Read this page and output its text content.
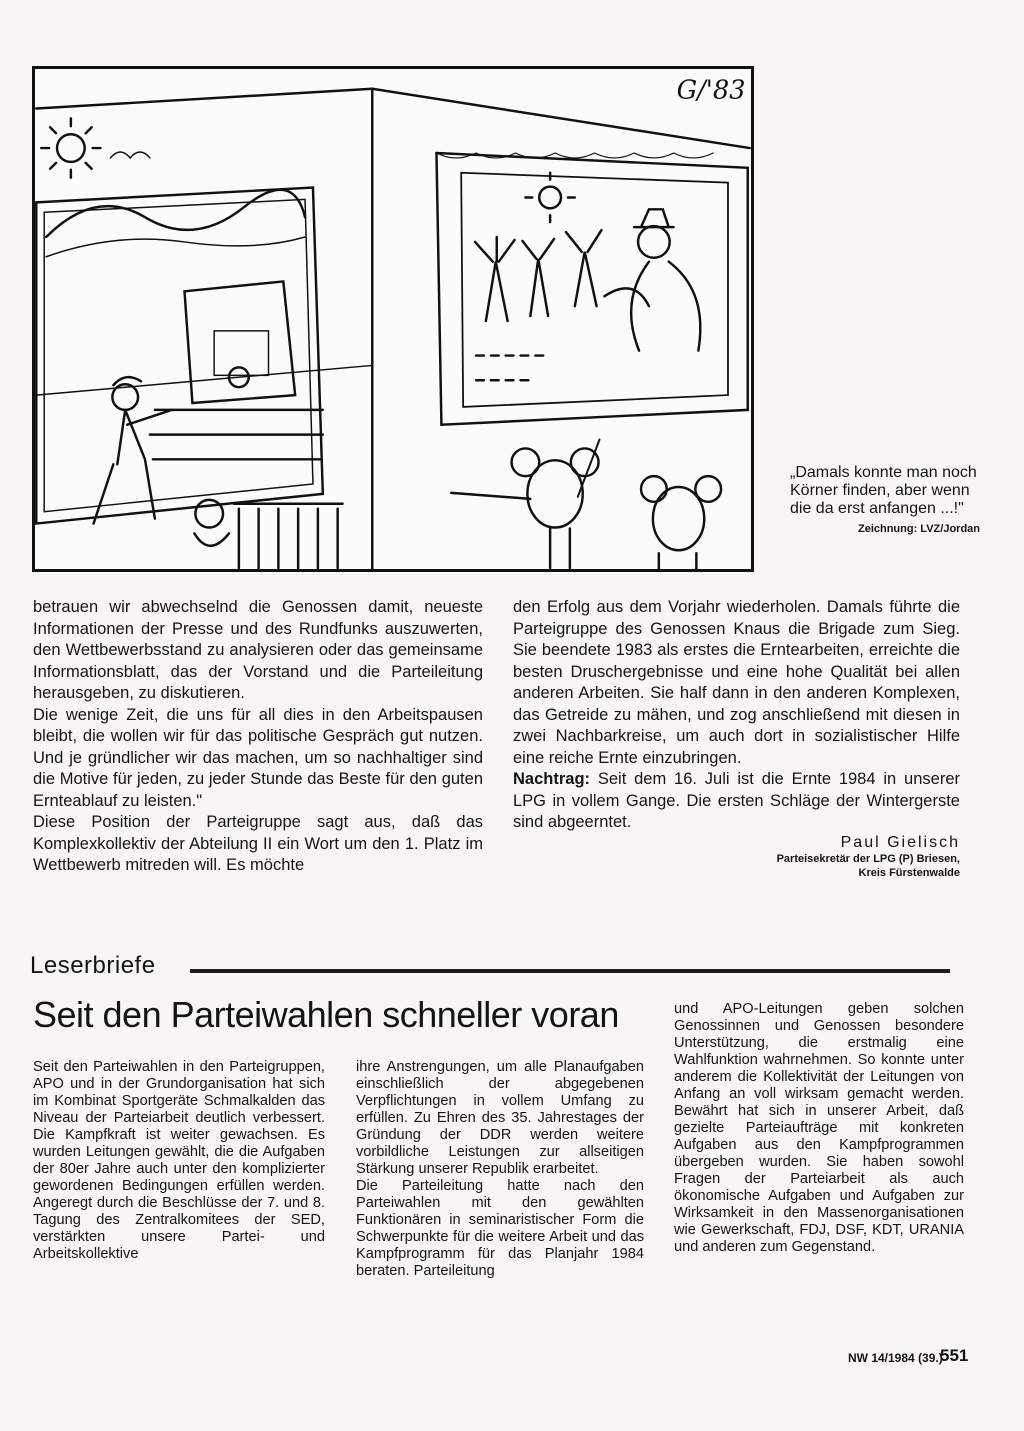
G/'83
„Damals konnte man noch Körner finden, aber wenn die da erst anfangen ...!"
Zeichnung: LVZ/Jordan

betrauen wir abwechselnd die Genossen damit, neueste Informationen der Presse und des Rundfunks auszuwerten, den Wettbewerbsstand zu analysieren oder das gemeinsame Informationsblatt, das der Vorstand und die Parteileitung herausgeben, zu diskutieren.

Die wenige Zeit, die uns für all dies in den Arbeitspausen bleibt, die wollen wir für das politische Gespräch gut nutzen. Und je gründlicher wir das machen, um so nachhaltiger sind die Motive für jeden, zu jeder Stunde das Beste für den guten Ernteablauf zu leisten."

Diese Position der Parteigruppe sagt aus, daß das Komplexkollektiv der Abteilung II ein Wort um den 1. Platz im Wettbewerb mitreden will. Es möchte

den Erfolg aus dem Vorjahr wiederholen. Damals führte die Parteigruppe des Genossen Knaus die Brigade zum Sieg. Sie beendete 1983 als erstes die Erntearbeiten, erreichte die besten Druschergebnisse und eine hohe Qualität bei allen anderen Arbeiten. Sie half dann in den anderen Komplexen, das Getreide zu mähen, und zog anschließend mit diesen in zwei Nachbarkreise, um auch dort in sozialistischer Hilfe eine reiche Ernte einzubringen.

Nachtrag: Seit dem 16. Juli ist die Ernte 1984 in unserer LPG in vollem Gange. Die ersten Schläge der Wintergerste sind abgeerntet.

Paul Gielisch
Parteisekretär der LPG (P) Briesen,
Kreis Fürstenwalde
Leserbriefe
Seit den Parteiwahlen schneller voran

Seit den Parteiwahlen in den Parteigruppen, APO und in der Grundorganisation hat sich im Kombinat Sportgeräte Schmalkalden das Niveau der Parteiarbeit deutlich verbessert. Die Kampfkraft ist weiter gewachsen. Es wurden Leitungen gewählt, die die Aufgaben der 80er Jahre auch unter den komplizierter gewordenen Bedingungen erfüllen werden. Angeregt durch die Beschlüsse der 7. und 8. Tagung des Zentralkomitees der SED, verstärkten unsere Partei- und Arbeitskollektive

ihre Anstrengungen, um alle Planaufgaben einschließlich der abgegebenen Verpflichtungen in vollem Umfang zu erfüllen. Zu Ehren des 35. Jahrestages der Gründung der DDR werden weitere vorbildliche Leistungen zur allseitigen Stärkung unserer Republik erarbeitet.

Die Parteileitung hatte nach den Parteiwahlen mit den gewählten Funktionären in seminaristischer Form die Schwerpunkte für die weitere Arbeit und das Kampfprogramm für das Planjahr 1984 beraten. Parteileitung

und APO-Leitungen geben solchen Genossinnen und Genossen besondere Unterstützung, die erstmalig eine Wahlfunktion wahrnehmen. So konnte unter anderem die Kollektivität der Leitungen von Anfang an voll wirksam gemacht werden. Bewährt hat sich in unserer Arbeit, daß gezielte Parteiaufträge mit konkreten Aufgaben aus den Kampfprogrammen übergeben wurden. Sie haben sowohl Fragen der Parteiarbeit als auch ökonomische Aufgaben und Aufgaben zur Wirksamkeit in den Massenorganisationen wie Gewerkschaft, FDJ, DSF, KDT, URANIA und anderen zum Gegenstand.

NW 14/1984 (39.)
551
